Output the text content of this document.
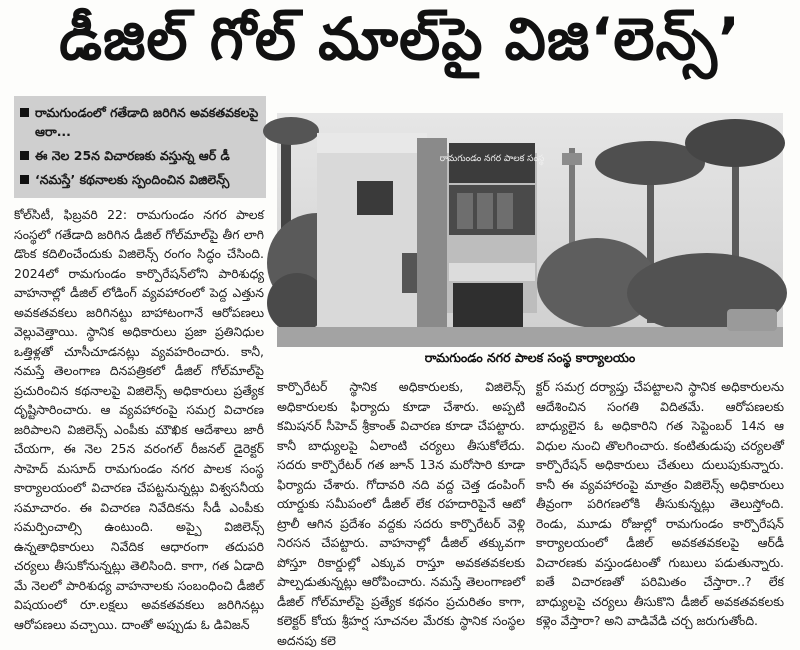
డీజిల్ గోల్ మాల్‌పై విజి‘లెన్స్’
రామగుండంలో గతేడాది జరిగిన అవకతవకలపై ఆరా...
ఈ నెల 25న విచారణకు వస్తున్న ఆర్ డీ
‘నమస్తే’ కథనాలకు స్పందించిన విజిలెన్స్
రామగుండం నగర పాలక సంస్థ
రామగుండం నగర పాలక సంస్థ కార్యాలయం
కోల్‌సిటీ, ఫిబ్రవరి 22: రామగుండం నగర పాలక సంస్థలో గతేడాది జరిగిన డీజిల్ గోల్‌మాల్‌పై తీగ లాగి డొంక కదిలించేందుకు విజిలెన్స్ రంగం సిద్ధం చేసింది. 2024లో రామగుండం కార్పొరేషన్‌లోని పారిశుధ్య వాహనాల్లో డీజిల్ లోడింగ్ వ్యవహారంలో పెద్ద ఎత్తున అవకతవకలు జరిగినట్టు బాహాటంగానే ఆరోపణలు వెల్లువెత్తాయి. స్థానిక అధికారులు ప్రజా ప్రతినిధుల ఒత్తిళ్లతో చూసీచూడనట్లు వ్యవహరించారు. కానీ, నమస్తే తెలంగాణ దినపత్రికలో డీజిల్ గోల్‌మాల్‌పై ప్రచురించిన కథనాలపై విజిలెన్స్ అధికారులు ప్రత్యేక దృష్టిసారించారు. ఆ వ్యవహారంపై సమగ్ర విచారణ జరిపాలని విజిలెన్స్ ఎంపీకు మౌఖిక ఆదేశాలు జారీ చేయగా, ఈ నెల 25న వరంగల్ రీజనల్ డైరెక్టర్ సాహెద్ మసూద్ రామగుండం నగర పాలక సంస్థ కార్యాలయంలో విచారణ చేపట్టనున్నట్లు విశ్వసనీయ సమాచారం. ఈ విచారణ నివేదికను సీడీ ఎంపీకు సమర్పించాల్సి ఉంటుంది. అప్పై విజిలెన్స్ ఉన్నతాధికారులు నివేదిక ఆధారంగా తదుపరి చర్యలు తీసుకోనున్నట్లు తెలిసింది. కాగా, గత ఏడాది మే నెలలో పారిశుధ్య వాహనాలకు సంబంధించి డీజిల్ విషయంలో రూ.లక్షలు అవకతవకలు జరిగినట్లు ఆరోపణలు వచ్చాయి. దాంతో అప్పుడు ఓ డివిజన్
కార్పొరేటర్ స్థానిక అధికారులకు, విజిలెన్స్ అధికారులకు ఫిర్యాదు కూడా చేశారు. అప్పటి కమిషనర్ సీహెచ్ శ్రీకాంత్ విచారణ కూడా చేపట్టారు. కానీ బాధ్యులపై ఏలాంటి చర్యలు తీసుకోలేదు. సదరు కార్పొరేటర్ గత జూన్ 13న మరోసారి కూడా ఫిర్యాదు చేశారు. గోదావరి నది వద్ద చెత్త డంపింగ్ యార్డుకు సమీపంలో డీజిల్ లేక రహదారిపైనే ఆటో ట్రాలీ ఆగిన ప్రదేశం వద్దకు సదరు కార్పొరేటర్ వెళ్లి నిరసన చేపట్టారు. వాహనాల్లో డీజిల్ తక్కువగా పోస్తూ రికార్డుల్లో ఎక్కువ రాస్తూ అవకతవకలకు పాల్పడుతున్నట్లు ఆరోపించారు. నమస్తే తెలంగాణలో డీజిల్ గోల్‌మాల్‌పై ప్రత్యేక కథనం ప్రచురితం కాగా, కలెక్టర్ కోయ శ్రీహర్ష సూచనల మేరకు స్థానిక సంస్థల అదనపు కలె
క్టర్ సమగ్ర దర్యాప్తు చేపట్టాలని స్థానిక అధికారులను ఆదేశించిన సంగతి విదితమే. ఆరోపణలకు బాధ్యులైన ఓ అధికారిని గత సెప్టెంబర్ 14న ఆ విధుల నుంచి తొలగించారు. కంటితుడుపు చర్యలతో కార్పొరేషన్ అధికారులు చేతులు దులుపుకున్నారు. కానీ ఈ వ్యవహారంపై మాత్రం విజిలెన్స్ అధికారులు తీవ్రంగా పరిగణలోకి తీసుకున్నట్లు తెలుస్తోంది. రెండు, మూడు రోజుల్లో రామగుండం కార్పొరేషన్ కార్యాలయంలో డీజిల్ అవకతవకలపై ఆర్‌డీ విచారణకు వస్తుండటంతో గుబులు పడుతున్నారు. ఐతే విచారణతో పరిమితం చేస్తారా..? లేక బాధ్యులపై చర్యలు తీసుకొని డీజిల్ అవకతవకలకు కళ్లెం వేస్తారా? అని వాడివేడి చర్చ జరుగుతోంది.
